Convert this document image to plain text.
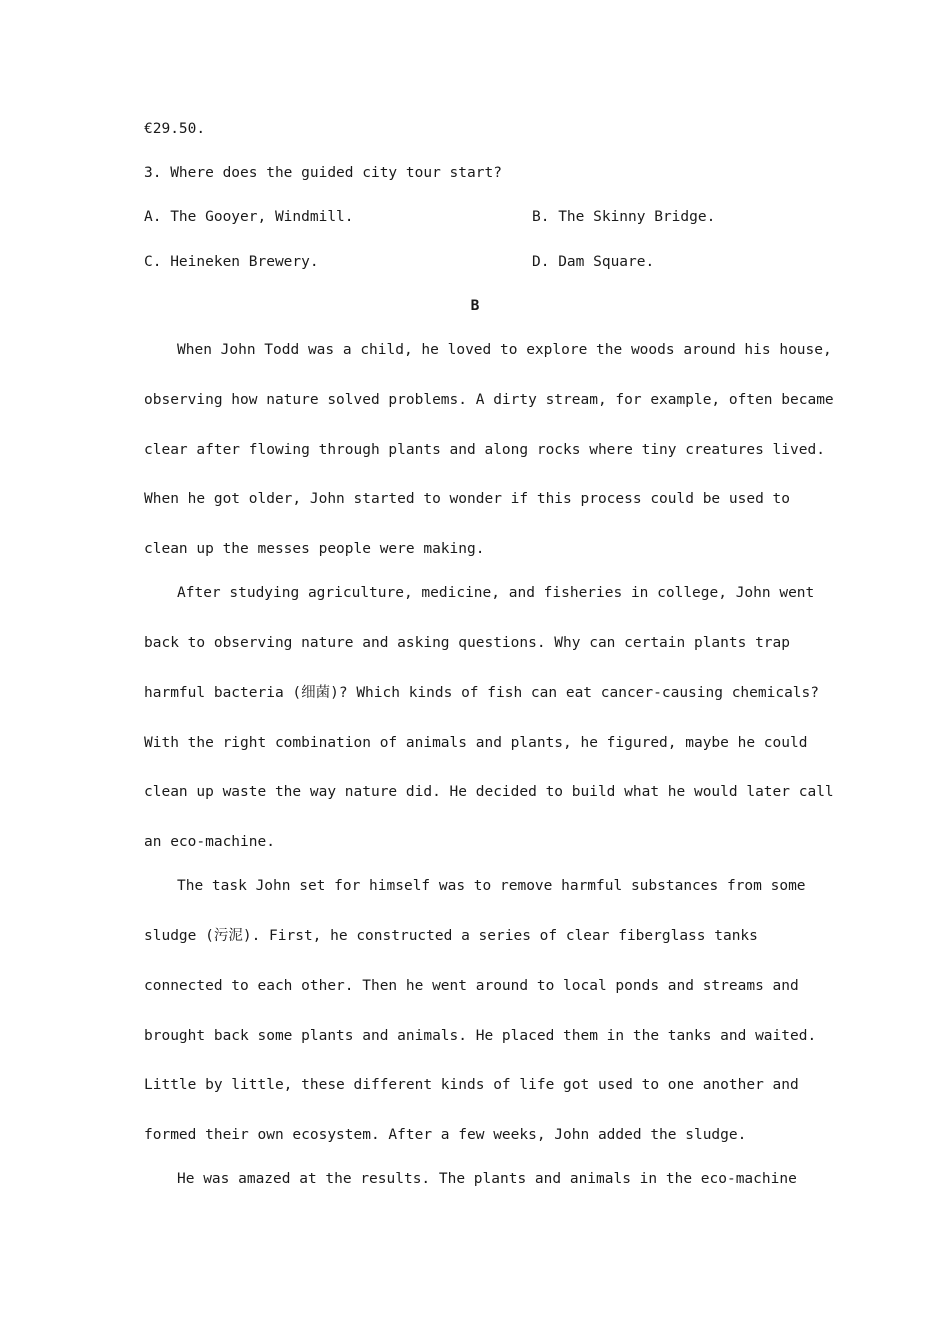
€29.50.
3. Where does the guided city tour start?
A. The Gooyer, Windmill.	B. The Skinny Bridge.
C. Heineken Brewery.	D. Dam Square.
B
When John Todd was a child, he loved to explore the woods around his house,
observing how nature solved problems. A dirty stream, for example, often became
clear after flowing through plants and along rocks where tiny creatures lived.
When he got older, John started to wonder if this process could be used to
clean up the messes people were making.
After studying agriculture, medicine, and fisheries in college, John went
back to observing nature and asking questions. Why can certain plants trap
harmful bacteria (细菌)? Which kinds of fish can eat cancer-causing chemicals?
With the right combination of animals and plants, he figured, maybe he could
clean up waste the way nature did. He decided to build what he would later call
an eco-machine.
The task John set for himself was to remove harmful substances from some
sludge (污泥). First, he constructed a series of clear fiberglass tanks
connected to each other. Then he went around to local ponds and streams and
brought back some plants and animals. He placed them in the tanks and waited.
Little by little, these different kinds of life got used to one another and
formed their own ecosystem. After a few weeks, John added the sludge.
He was amazed at the results. The plants and animals in the eco-machine
